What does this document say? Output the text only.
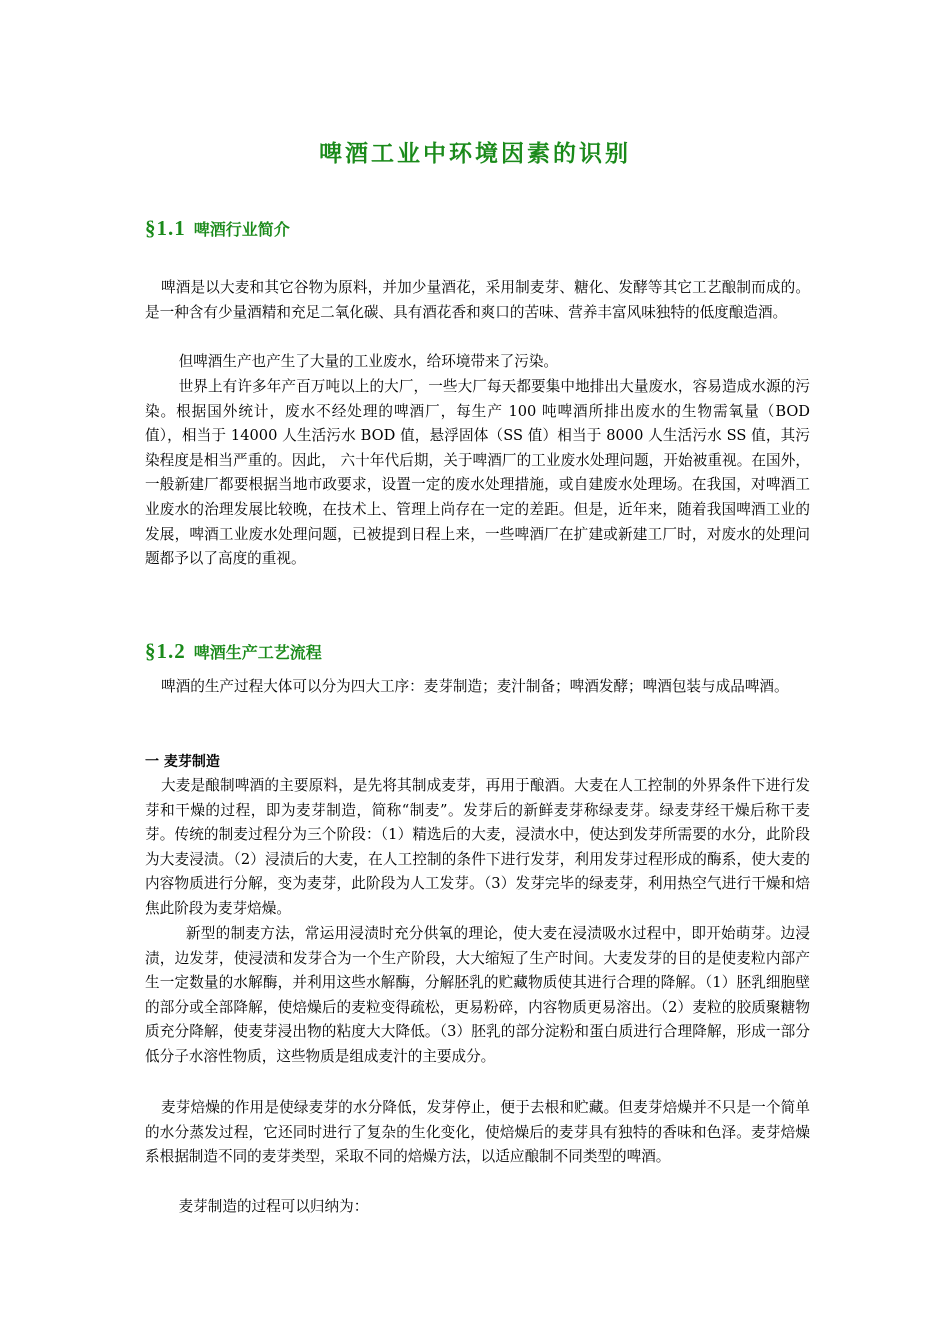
啤酒工业中环境因素的识别
§1.1 啤酒行业简介

啤酒是以大麦和其它谷物为原料，并加少量酒花，采用制麦芽、糖化、发酵等其它工艺酿制而成的。是一种含有少量酒精和充足二氧化碳、具有酒花香和爽口的苦味、营养丰富风味独特的低度酿造酒。

但啤酒生产也产生了大量的工业废水，给环境带来了污染。

世界上有许多年产百万吨以上的大厂，一些大厂每天都要集中地排出大量废水，容易造成水源的污染。根据国外统计，废水不经处理的啤酒厂，每生产 100 吨啤酒所排出废水的生物需氧量（BOD 值），相当于 14000 人生活污水 BOD 值，悬浮固体（SS 值）相当于 8000 人生活污水 SS 值，其污染程度是相当严重的。因此， 六十年代后期，关于啤酒厂的工业废水处理问题，开始被重视。在国外，一般新建厂都要根据当地市政要求，设置一定的废水处理措施，或自建废水处理场。在我国，对啤酒工业废水的治理发展比较晚，在技术上、管理上尚存在一定的差距。但是，近年来，随着我国啤酒工业的发展，啤酒工业废水处理问题，已被提到日程上来，一些啤酒厂在扩建或新建工厂时，对废水的处理问题都予以了高度的重视。

§1.2 啤酒生产工艺流程

啤酒的生产过程大体可以分为四大工序：麦芽制造；麦汁制备；啤酒发酵；啤酒包装与成品啤酒。

一 麦芽制造

大麦是酿制啤酒的主要原料，是先将其制成麦芽，再用于酿酒。大麦在人工控制的外界条件下进行发芽和干燥的过程，即为麦芽制造，简称“制麦”。发芽后的新鲜麦芽称绿麦芽。绿麦芽经干燥后称干麦芽。传统的制麦过程分为三个阶段：（1）精选后的大麦，浸渍水中，使达到发芽所需要的水分，此阶段为大麦浸渍。（2）浸渍后的大麦，在人工控制的条件下进行发芽，利用发芽过程形成的酶系，使大麦的内容物质进行分解，变为麦芽，此阶段为人工发芽。（3）发芽完毕的绿麦芽，利用热空气进行干燥和焙焦此阶段为麦芽焙燥。

新型的制麦方法，常运用浸渍时充分供氧的理论，使大麦在浸渍吸水过程中，即开始萌芽。边浸渍，边发芽，使浸渍和发芽合为一个生产阶段，大大缩短了生产时间。大麦发芽的目的是使麦粒内部产生一定数量的水解酶，并利用这些水解酶，分解胚乳的贮藏物质使其进行合理的降解。（1）胚乳细胞壁的部分或全部降解，使焙燥后的麦粒变得疏松，更易粉碎，内容物质更易溶出。（2）麦粒的胶质聚糖物质充分降解，使麦芽浸出物的粘度大大降低。（3）胚乳的部分淀粉和蛋白质进行合理降解，形成一部分低分子水溶性物质，这些物质是组成麦汁的主要成分。

麦芽焙燥的作用是使绿麦芽的水分降低，发芽停止，便于去根和贮藏。但麦芽焙燥并不只是一个简单的水分蒸发过程，它还同时进行了复杂的生化变化，使焙燥后的麦芽具有独特的香味和色泽。麦芽焙燥系根据制造不同的麦芽类型，采取不同的焙燥方法，以适应酿制不同类型的啤酒。

麦芽制造的过程可以归纳为：
